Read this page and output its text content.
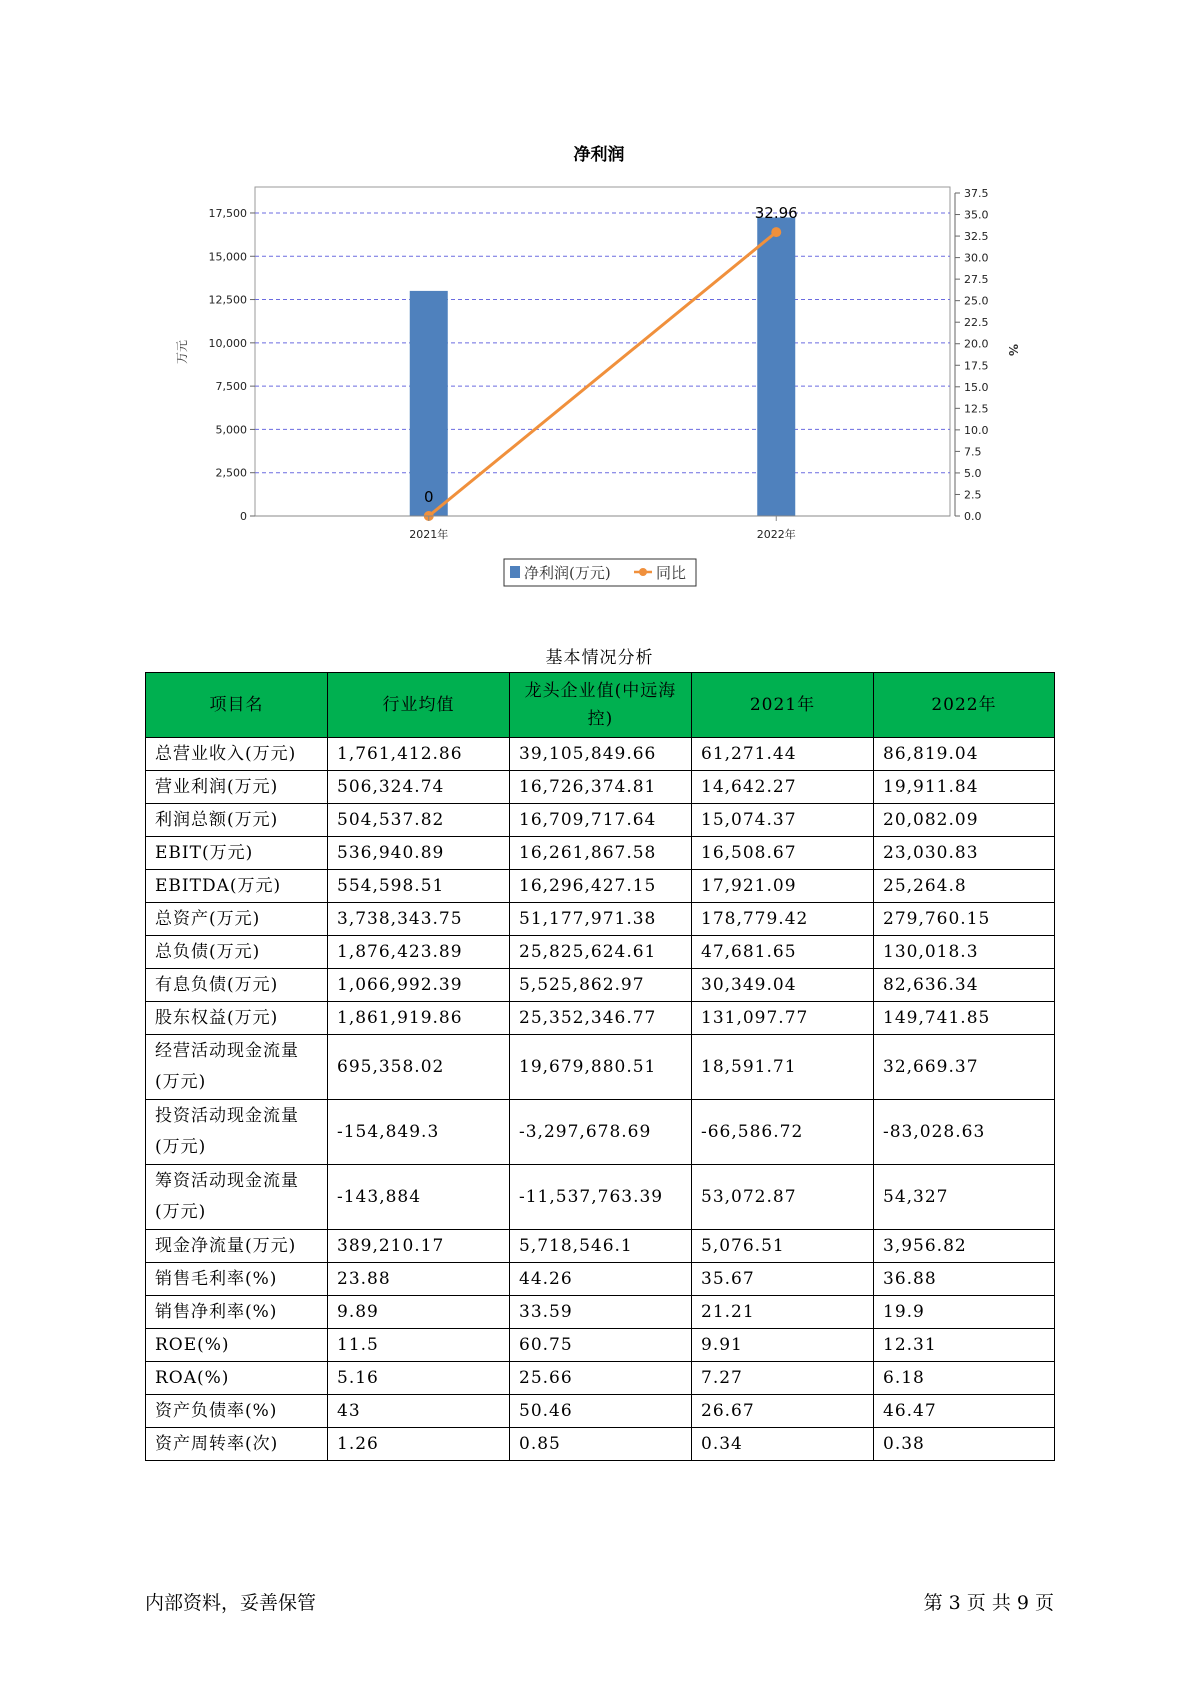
净利润
0
2,500
5,000
7,500
10,000
12,500
15,000
17,500
0.0
2.5
5.0
7.5
10.0
12.5
15.0
17.5
20.0
22.5
25.0
27.5
30.0
32.5
35.0
37.5
0
32.96
2021年	2022年
万元	%
净利润(万元)	同比
基本情况分析
项目名	行业均值	龙头企业值(中远海控)	2021年	2022年
总营业收入(万元)	1,761,412.86	39,105,849.66	61,271.44	86,819.04
营业利润(万元)	506,324.74	16,726,374.81	14,642.27	19,911.84
利润总额(万元)	504,537.82	16,709,717.64	15,074.37	20,082.09
EBIT(万元)	536,940.89	16,261,867.58	16,508.67	23,030.83
EBITDA(万元)	554,598.51	16,296,427.15	17,921.09	25,264.8
总资产(万元)	3,738,343.75	51,177,971.38	178,779.42	279,760.15
总负债(万元)	1,876,423.89	25,825,624.61	47,681.65	130,018.3
有息负债(万元)	1,066,992.39	5,525,862.97	30,349.04	82,636.34
股东权益(万元)	1,861,919.86	25,352,346.77	131,097.77	149,741.85
经营活动现金流量(万元)	695,358.02	19,679,880.51	18,591.71	32,669.37
投资活动现金流量(万元)	-154,849.3	-3,297,678.69	-66,586.72	-83,028.63
筹资活动现金流量(万元)	-143,884	-11,537,763.39	53,072.87	54,327
现金净流量(万元)	389,210.17	5,718,546.1	5,076.51	3,956.82
销售毛利率(%)	23.88	44.26	35.67	36.88
销售净利率(%)	9.89	33.59	21.21	19.9
ROE(%)	11.5	60.75	9.91	12.31
ROA(%)	5.16	25.66	7.27	6.18
资产负债率(%)	43	50.46	26.67	46.47
资产周转率(次)	1.26	0.85	0.34	0.38
内部资料，妥善保管	第 3 页 共 9 页
